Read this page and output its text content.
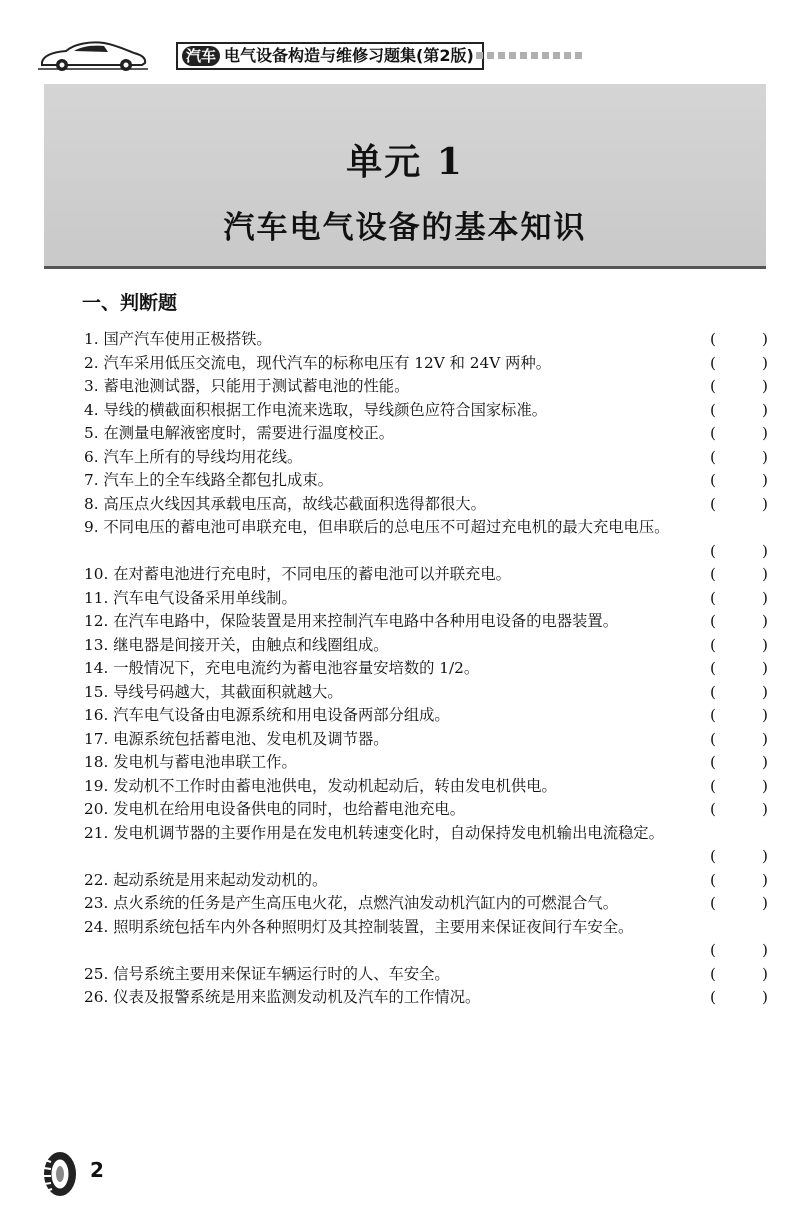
汽车 电气设备构造与维修习题集(第2版)
单元 1
汽车电气设备的基本知识
一、判断题
1. 国产汽车使用正极搭铁。	(	)
2. 汽车采用低压交流电，现代汽车的标称电压有 12V 和 24V 两种。	(	)
3. 蓄电池测试器，只能用于测试蓄电池的性能。	(	)
4. 导线的横截面积根据工作电流来选取，导线颜色应符合国家标准。	(	)
5. 在测量电解液密度时，需要进行温度校正。	(	)
6. 汽车上所有的导线均用花线。	(	)
7. 汽车上的全车线路全都包扎成束。	(	)
8. 高压点火线因其承载电压高，故线芯截面积选得都很大。	(	)
9. 不同电压的蓄电池可串联充电，但串联后的总电压不可超过充电机的最大充电电压。
(	)
10. 在对蓄电池进行充电时，不同电压的蓄电池可以并联充电。	(	)
11. 汽车电气设备采用单线制。	(	)
12. 在汽车电路中，保险装置是用来控制汽车电路中各种用电设备的电器装置。	(	)
13. 继电器是间接开关，由触点和线圈组成。	(	)
14. 一般情况下，充电电流约为蓄电池容量安培数的 1/2。	(	)
15. 导线号码越大，其截面积就越大。	(	)
16. 汽车电气设备由电源系统和用电设备两部分组成。	(	)
17. 电源系统包括蓄电池、发电机及调节器。	(	)
18. 发电机与蓄电池串联工作。	(	)
19. 发动机不工作时由蓄电池供电，发动机起动后，转由发电机供电。	(	)
20. 发电机在给用电设备供电的同时，也给蓄电池充电。	(	)
21. 发电机调节器的主要作用是在发电机转速变化时，自动保持发电机输出电流稳定。
(	)
22. 起动系统是用来起动发动机的。	(	)
23. 点火系统的任务是产生高压电火花，点燃汽油发动机汽缸内的可燃混合气。	(	)
24. 照明系统包括车内外各种照明灯及其控制装置，主要用来保证夜间行车安全。
(	)
25. 信号系统主要用来保证车辆运行时的人、车安全。	(	)
26. 仪表及报警系统是用来监测发动机及汽车的工作情况。	(	)
2
